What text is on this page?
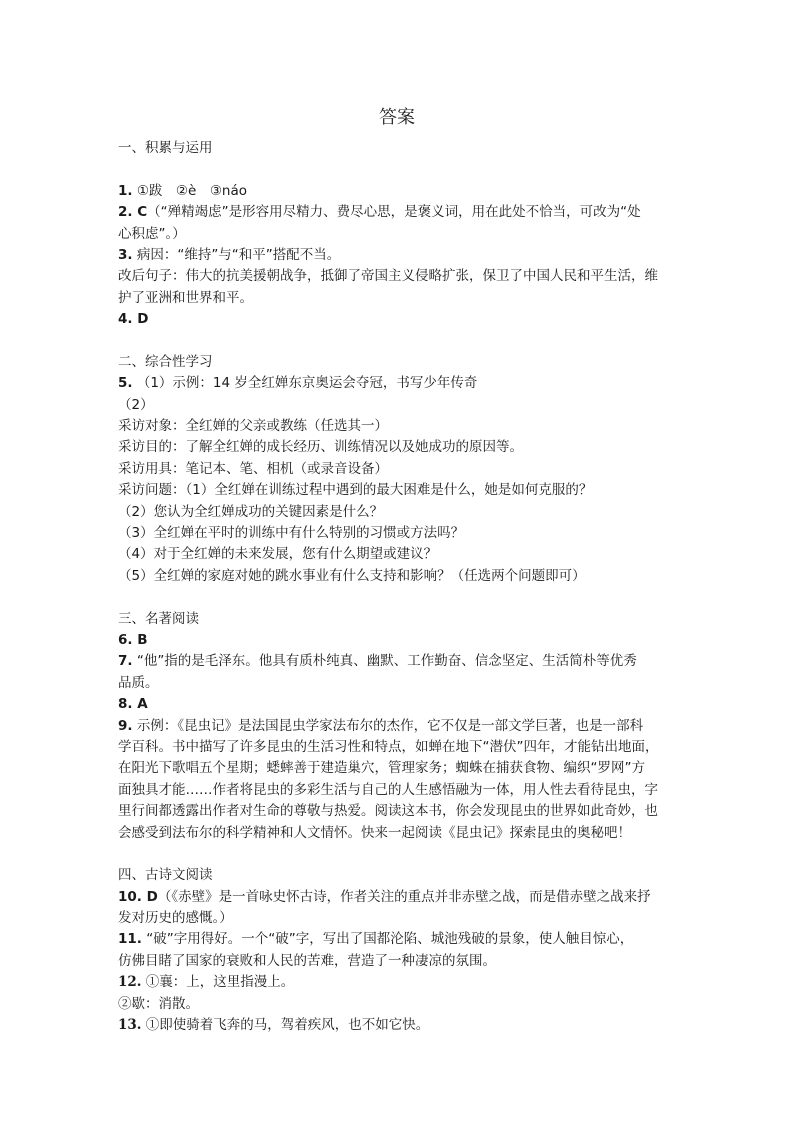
答案
一、积累与运用
1. ①跋　②è　③náo
2. C（“殚精竭虑”是形容用尽精力、费尽心思，是褒义词，用在此处不恰当，可改为“处
心积虑”。）
3. 病因：“维持”与“和平”搭配不当。
改后句子：伟大的抗美援朝战争，抵御了帝国主义侵略扩张，保卫了中国人民和平生活，维
护了亚洲和世界和平。
4. D
二、综合性学习
5. （1）示例：14 岁全红婵东京奥运会夺冠，书写少年传奇
（2）
采访对象：全红婵的父亲或教练（任选其一）
采访目的：了解全红婵的成长经历、训练情况以及她成功的原因等。
采访用具：笔记本、笔、相机（或录音设备）
采访问题：（1）全红婵在训练过程中遇到的最大困难是什么，她是如何克服的？
（2）您认为全红婵成功的关键因素是什么？
（3）全红婵在平时的训练中有什么特别的习惯或方法吗？
（4）对于全红婵的未来发展，您有什么期望或建议？
（5）全红婵的家庭对她的跳水事业有什么支持和影响？（任选两个问题即可）
三、名著阅读
6. B
7. “他”指的是毛泽东。他具有质朴纯真、幽默、工作勤奋、信念坚定、生活简朴等优秀
品质。
8. A
9. 示例：《昆虫记》是法国昆虫学家法布尔的杰作，它不仅是一部文学巨著，也是一部科
学百科。书中描写了许多昆虫的生活习性和特点，如蝉在地下“潜伏”四年，才能钻出地面，
在阳光下歌唱五个星期；蟋蟀善于建造巢穴，管理家务；蜘蛛在捕获食物、编织“罗网”方
面独具才能……作者将昆虫的多彩生活与自己的人生感悟融为一体，用人性去看待昆虫，字
里行间都透露出作者对生命的尊敬与热爱。阅读这本书，你会发现昆虫的世界如此奇妙，也
会感受到法布尔的科学精神和人文情怀。快来一起阅读《昆虫记》探索昆虫的奥秘吧！
四、古诗文阅读
10. D（《赤壁》是一首咏史怀古诗，作者关注的重点并非赤壁之战，而是借赤壁之战来抒
发对历史的感慨。）
11. “破”字用得好。一个“破”字，写出了国都沦陷、城池残破的景象，使人触目惊心，
仿佛目睹了国家的衰败和人民的苦难，营造了一种凄凉的氛围。
12. ①襄：上，这里指漫上。
②歇：消散。
13. ①即使骑着飞奔的马，驾着疾风，也不如它快。
